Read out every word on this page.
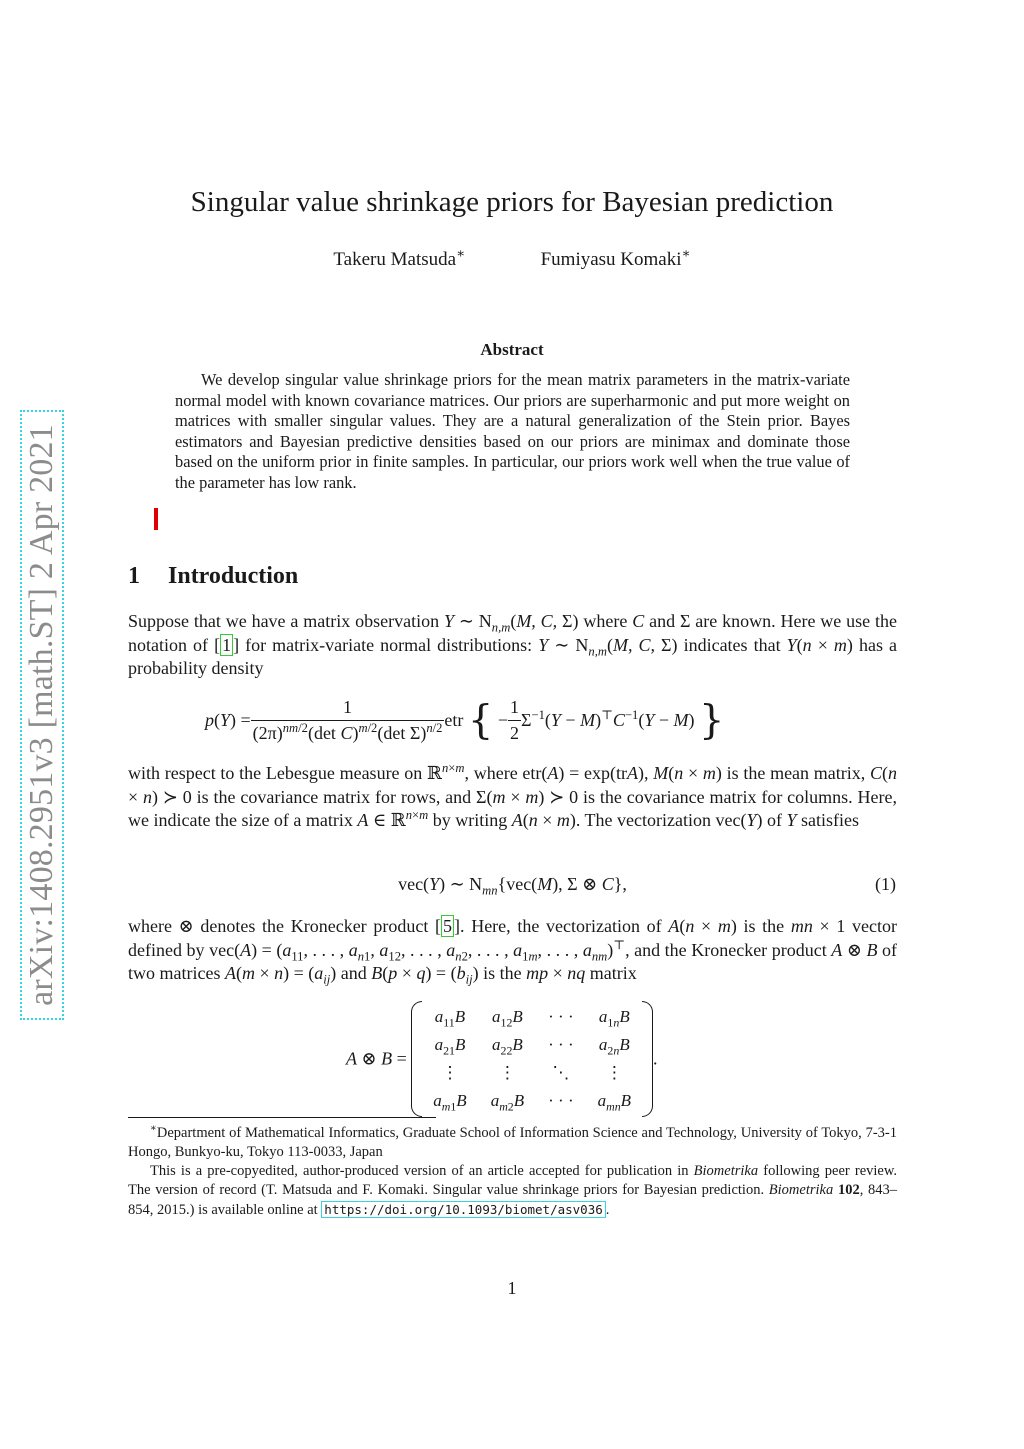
arXiv:1408.2951v3 [math.ST] 2 Apr 2021
Singular value shrinkage priors for Bayesian prediction
Takeru Matsuda∗	Fumiyasu Komaki∗
Abstract

We develop singular value shrinkage priors for the mean matrix parameters in the matrix-variate normal model with known covariance matrices. Our priors are superharmonic and put more weight on matrices with smaller singular values. They are a natural generalization of the Stein prior. Bayes estimators and Bayesian predictive densities based on our priors are minimax and dominate those based on the uniform prior in finite samples. In particular, our priors work well when the true value of the parameter has low rank.

1 Introduction

Suppose that we have a matrix observation Y ∼ $N_{n,m}(M$, C, Σ) where C and Σ are known. Here we use the notation of [ 1 ] for matrix-variate normal distributions: Y ∼ $N_{n,m}(M$, C, Σ) indicates that Y(n × m) has a probability density

$p(Y) = \frac{1}{(2\pi)^{nm/2}(\det C)^{m/2}(\det \Sigma)^{n/2}}$ etr { − $\frac{1}{2} \Sigma^{-1}(Y - M)^⊤C^{-1}(Y - M)$ }

with respect to the Lebesgue measure on ℝ$^{n\times m}$, where etr(A) = exp(trA), M(n × m) is the mean matrix, C(n × n) ≻ 0 is the covariance matrix for rows, and Σ(m × m) ≻ 0 is the covariance matrix for columns. Here, we indicate the size of a matrix A ∈ ℝ$^{n\times m}$ by writing A(n × m). The vectorization vec(Y) of Y satisfies

vec(Y) ∼ $N_{mn}\{vec(M)$, Σ ⊗ C},	(1)

where ⊗ denotes the Kronecker product [ 5 ]. Here, the vectorization of A(n × m) is the mn × 1 vector defined by $vec(A) = (a_{11}$, . . . , $a_{n1}$, $a_{12}$, . . . , $a_{n2}$, . . . , $a_{1m}$, . . . , $a_{nm})^⊤$, and the Kronecker product A ⊗ B of two matrices $A(m \times n) = (a_{ij})$ and $B(p \times q) = (b_{ij})$ is the mp × nq matrix

A ⊗ B =
$a_{11}B$	$a_{12}B$	· · ·	$a_{1n}B$
$a_{21}B$	$a_{22}B$	· · ·	$a_{2n}B$
⋮	⋮	⋱	⋮
$a_{m1}B$	$a_{m2}B$	· · ·	$a_{mn}B$
.

∗Department of Mathematical Informatics, Graduate School of Information Science and Technology, University of Tokyo, 7-3-1 Hongo, Bunkyo-ku, Tokyo 113-0033, Japan

This is a pre-copyedited, author-produced version of an article accepted for publication in Biometrika following peer review. The version of record (T. Matsuda and F. Komaki. Singular value shrinkage priors for Bayesian prediction. Biometrika 102, 843–854, 2015.) is available online at https://doi.org/10.1093/biomet/asv036 .

1
